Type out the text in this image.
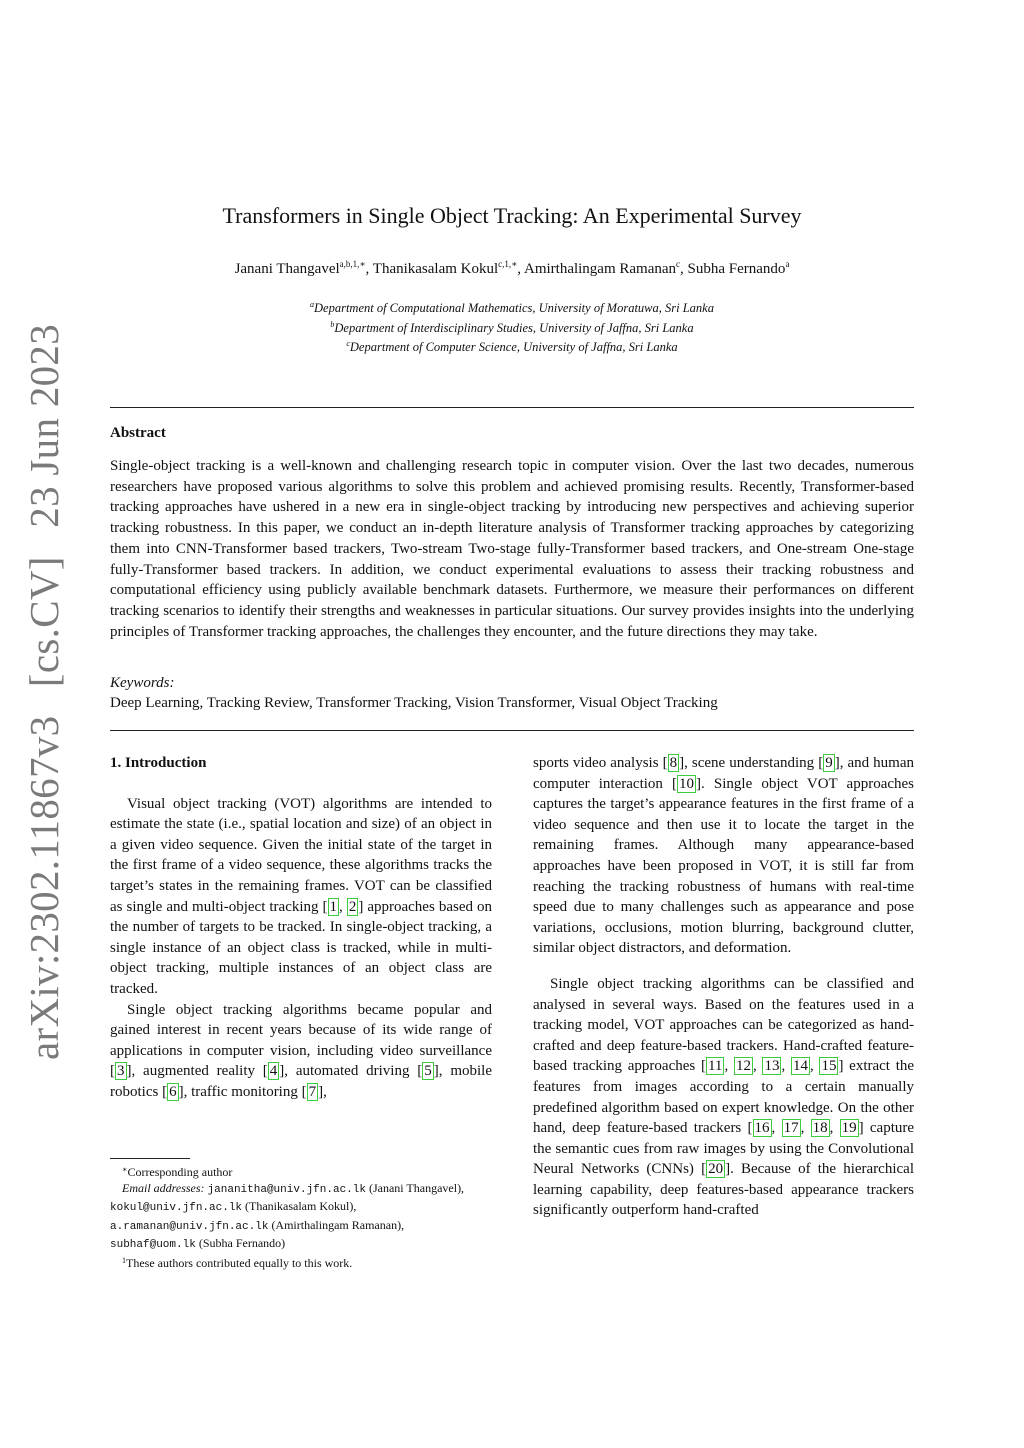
arXiv:2302.11867v3 [cs.CV] 23 Jun 2023
Transformers in Single Object Tracking: An Experimental Survey
Janani Thangavel$^{a,b,1,∗}$, Thanikasalam Kokul$^{c,1,∗}$, Amirthalingam Ramanan$^c$, Subha Fernando$^a$
$^a$Department of Computational Mathematics, University of Moratuwa, Sri Lanka
$^b$Department of Interdisciplinary Studies, University of Jaffna, Sri Lanka
$^c$Department of Computer Science, University of Jaffna, Sri Lanka
Abstract
Single-object tracking is a well-known and challenging research topic in computer vision. Over the last two decades, numerous researchers have proposed various algorithms to solve this problem and achieved promising results. Recently, Transformer-based tracking approaches have ushered in a new era in single-object tracking by introducing new perspectives and achieving superior tracking robustness. In this paper, we conduct an in-depth literature analysis of Transformer tracking approaches by categorizing them into CNN-Transformer based trackers, Two-stream Two-stage fully-Transformer based trackers, and One-stream One-stage fully-Transformer based trackers. In addition, we conduct experimental evaluations to assess their tracking robustness and computational efficiency using publicly available benchmark datasets. Furthermore, we measure their performances on different tracking scenarios to identify their strengths and weaknesses in particular situations. Our survey provides insights into the underlying principles of Transformer tracking approaches, the challenges they encounter, and the future directions they may take.
Keywords:
Deep Learning, Tracking Review, Transformer Tracking, Vision Transformer, Visual Object Tracking

1. Introduction

Visual object tracking (VOT) algorithms are intended to estimate the state (i.e., spatial location and size) of an object in a given video sequence. Given the initial state of the target in the first frame of a video sequence, these algorithms tracks the target’s states in the remaining frames. VOT can be classified as single and multi-object tracking [ 1 , 2 ] approaches based on the number of targets to be tracked. In single-object tracking, a single instance of an object class is tracked, while in multi-object tracking, multiple instances of an object class are tracked.

Single object tracking algorithms became popular and gained interest in recent years because of its wide range of applications in computer vision, including video surveillance [ 3 ], augmented reality [ 4 ], automated driving [ 5 ], mobile robotics [ 6 ], traffic monitoring [ 7 ],

sports video analysis [ 8 ], scene understanding [ 9 ], and human computer interaction [ 10 ]. Single object VOT approaches captures the target’s appearance features in the first frame of a video sequence and then use it to locate the target in the remaining frames. Although many appearance-based approaches have been proposed in VOT, it is still far from reaching the tracking robustness of humans with real-time speed due to many challenges such as appearance and pose variations, occlusions, motion blurring, background clutter, similar object distractors, and deformation.

Single object tracking algorithms can be classified and analysed in several ways. Based on the features used in a tracking model, VOT approaches can be categorized as hand-crafted and deep feature-based trackers. Hand-crafted feature-based tracking approaches [ 11 , 12 , 13 , 14 , 15 ] extract the features from images according to a certain manually predefined algorithm based on expert knowledge. On the other hand, deep feature-based trackers [ 16 , 17 , 18 , 19 ] capture the semantic cues from raw images by using the Convolutional Neural Networks (CNNs) [ 20 ]. Because of the hierarchical learning capability, deep features-based appearance trackers significantly outperform hand-crafted

∗Corresponding author

Email addresses: jananitha@univ.jfn.ac.lk (Janani Thangavel), kokul@univ.jfn.ac.lk (Thanikasalam Kokul), a.ramanan@univ.jfn.ac.lk (Amirthalingam Ramanan), subhaf@uom.lk (Subha Fernando)

$^1$These authors contributed equally to this work.
